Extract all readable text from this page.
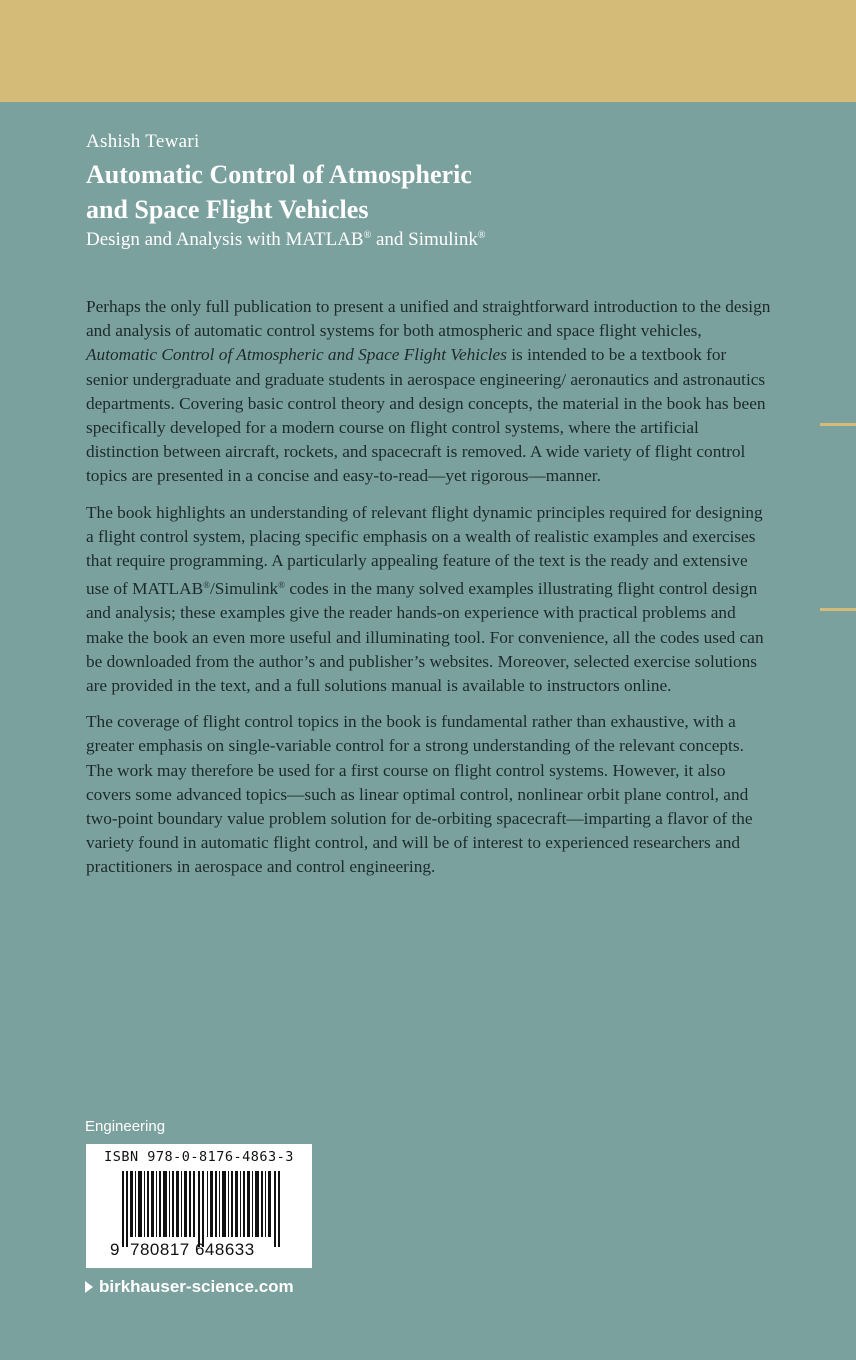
Ashish Tewari
Automatic Control of Atmospheric
and Space Flight Vehicles
Design and Analysis with MATLAB® and Simulink®

Perhaps the only full publication to present a unified and straightforward introduction to the design and analysis of automatic control systems for both atmospheric and space flight vehicles, Automatic Control of Atmospheric and Space Flight Vehicles is intended to be a textbook for senior undergraduate and graduate students in aerospace engineering/ aeronautics and astronautics departments. Covering basic control theory and design concepts, the material in the book has been specifically developed for a modern course on flight control systems, where the artificial distinction between aircraft, rockets, and spacecraft is removed. A wide variety of flight control topics are presented in a concise and easy-to-read—yet rigorous—manner.

The book highlights an understanding of relevant flight dynamic principles required for designing a flight control system, placing specific emphasis on a wealth of realistic examples and exercises that require programming. A particularly appealing feature of the text is the ready and extensive use of MATLAB®/Simulink® codes in the many solved examples illustrating flight control design and analysis; these examples give the reader hands-on experience with practical problems and make the book an even more useful and illuminating tool. For convenience, all the codes used can be downloaded from the author’s and publisher’s websites. Moreover, selected exercise solutions are provided in the text, and a full solutions manual is available to instructors online.

The coverage of flight control topics in the book is fundamental rather than exhaustive, with a greater emphasis on single-variable control for a strong understanding of the relevant concepts. The work may therefore be used for a first course on flight control systems. However, it also covers some advanced topics—such as linear optimal control, nonlinear orbit plane control, and two-point boundary value problem solution for de-orbiting spacecraft—imparting a flavor of the variety found in automatic flight control, and will be of interest to experienced researchers and practitioners in aerospace and control engineering.

Engineering
ISBN 978-0-8176-4863-3
9 780817 648633
birkhauser-science.com
